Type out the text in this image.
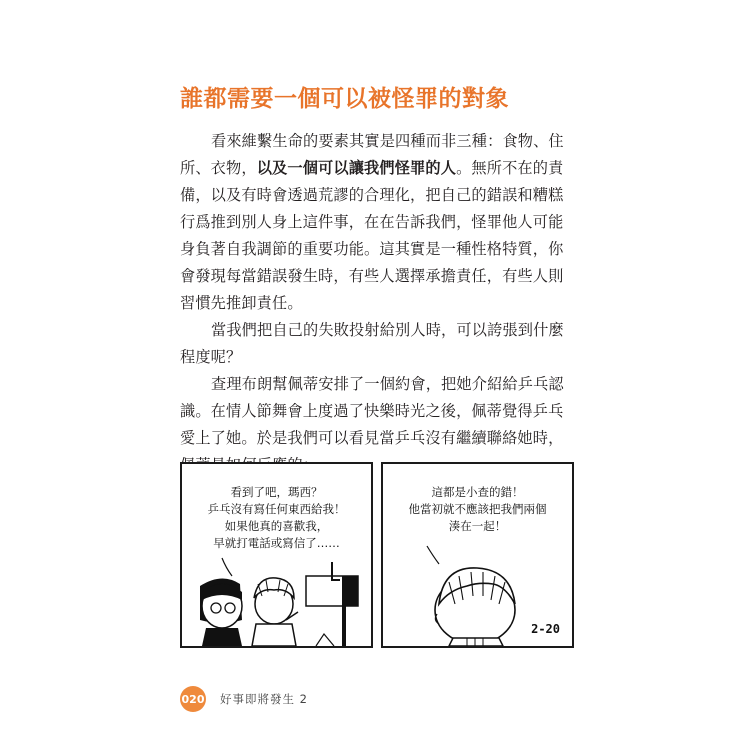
誰都需要一個可以被怪罪的對象

看來維繫生命的要素其實是四種而非三種：食物、住所、衣物，以及一個可以讓我們怪罪的人。無所不在的責備，以及有時會透過荒謬的合理化，把自己的錯誤和糟糕行爲推到別人身上這件事，在在告訴我們，怪罪他人可能身負著自我調節的重要功能。這其實是一種性格特質，你會發現每當錯誤發生時，有些人選擇承擔責任，有些人則習慣先推卸責任。

當我們把自己的失敗投射給別人時，可以誇張到什麼程度呢？

查理布朗幫佩蒂安排了一個約會，把她介紹給乒乓認識。在情人節舞會上度過了快樂時光之後，佩蒂覺得乒乓愛上了她。於是我們可以看見當乒乓沒有繼續聯絡她時，

看到了吧，瑪西？
乒乓沒有寫任何東西給我！
如果他真的喜歡我，
早就打電話或寫信了……
這都是小查的錯！
他當初就不應該把我們兩個
湊在一起！
2-20
020 好事即將發生 2
